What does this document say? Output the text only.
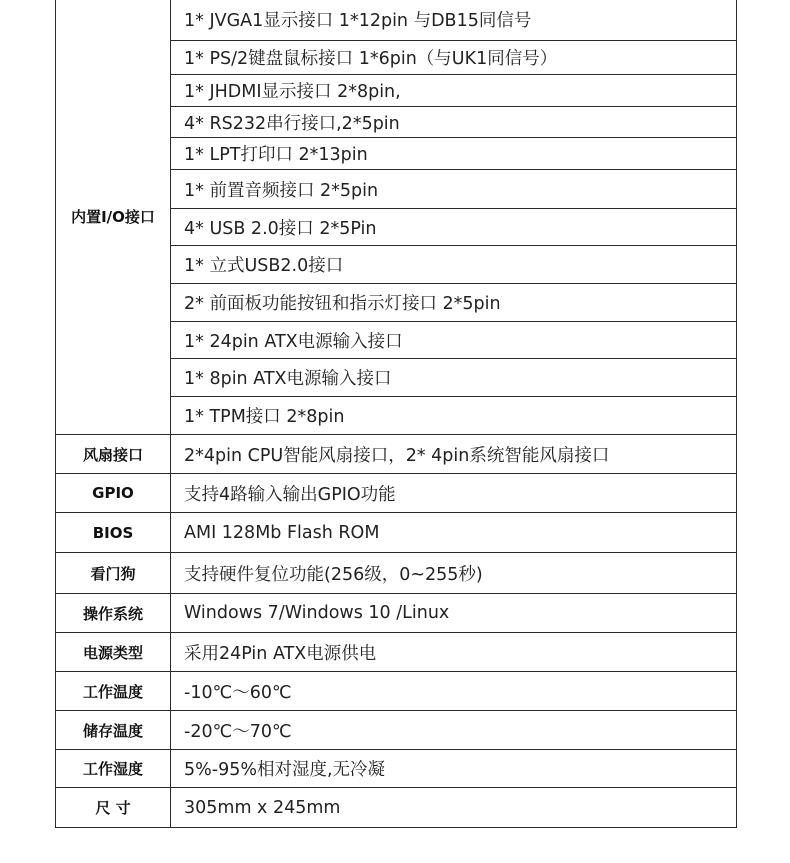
内置I/O接口	1* JVGA1显示接口 1*12pin 与DB15同信号
	1* PS/2键盘鼠标接口 1*6pin（与UK1同信号）
	1* JHDMI显示接口 2*8pin,
	4* RS232串行接口,2*5pin
	1* LPT打印口 2*13pin
	1* 前置音频接口 2*5pin
	4* USB 2.0接口 2*5Pin
	1* 立式USB2.0接口
	2* 前面板功能按钮和指示灯接口 2*5pin
	1* 24pin ATX电源输入接口
	1* 8pin ATX电源输入接口
	1* TPM接口 2*8pin
风扇接口	2*4pin CPU智能风扇接口，2* 4pin系统智能风扇接口
GPIO	支持4路输入输出GPIO功能
BIOS	AMI 128Mb Flash ROM
看门狗	支持硬件复位功能(256级，0~255秒)
操作系统	Windows 7/Windows 10 /Linux
电源类型	采用24Pin ATX电源供电
工作温度	-10℃～60℃
储存温度	-20℃～70℃
工作湿度	5%-95%相对湿度,无冷凝
尺 寸	305mm x 245mm
